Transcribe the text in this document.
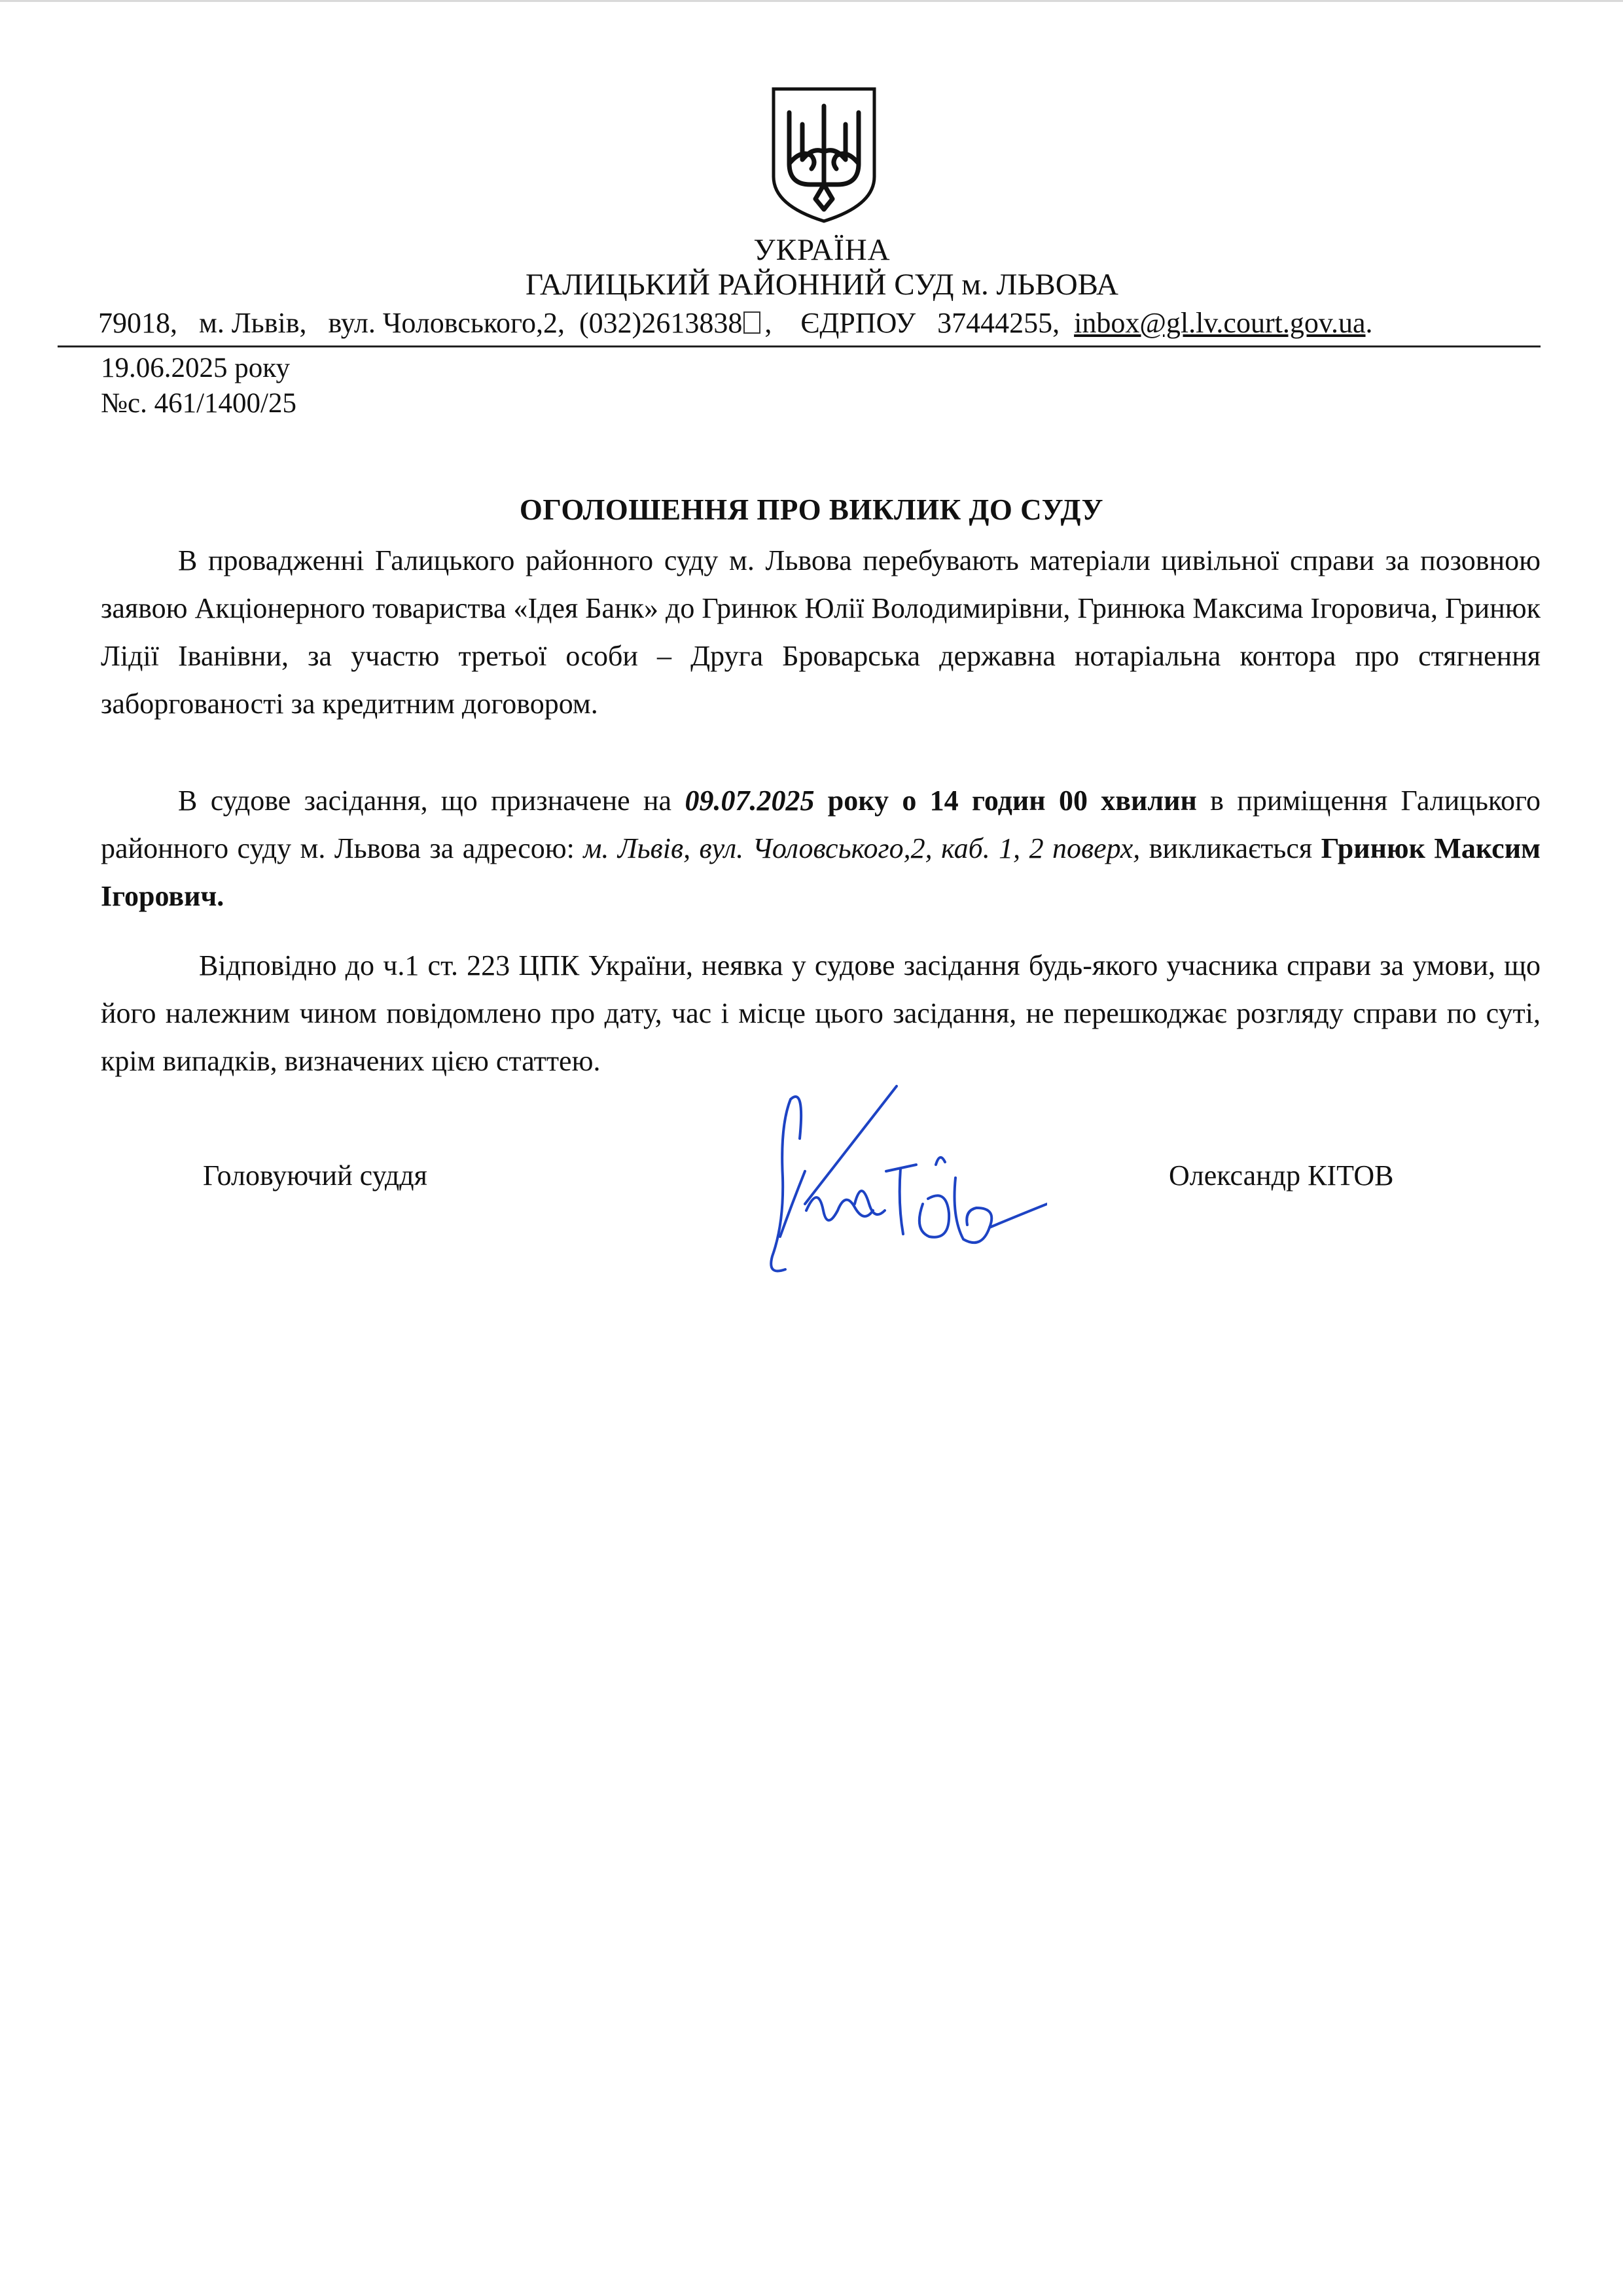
УКРАЇНА
ГАЛИЦЬКИЙ РАЙОННИЙ СУД м. ЛЬВОВА
79018, м. Львів, вул. Чоловського,2, (032)2613838 , ЄДРПОУ 37444255, inbox@gl.lv.court.gov.ua.
19.06.2025 року
№с. 461/1400/25
ОГОЛОШЕННЯ ПРО ВИКЛИК ДО СУДУ

В провадженні Галицького районного суду м. Львова перебувають матеріали цивільної справи за позовною заявою Акціонерного товариства «Ідея Банк» до Гринюк Юлії Володимирівни, Гринюка Максима Ігоровича, Гринюк Лідії Іванівни, за участю третьої особи – Друга Броварська державна нотаріальна контора про стягнення заборгованості за кредитним договором.

В судове засідання, що призначене на 09.07.2025 року о 14 годин 00 хвилин в приміщення Галицького районного суду м. Львова за адресою: м. Львів, вул. Чоловського,2, каб. 1, 2 поверх, викликається Гринюк Максим Ігорович.

Відповідно до ч.1 ст. 223 ЦПК України, неявка у судове засідання будь-якого учасника справи за умови, що його належним чином повідомлено про дату, час і місце цього засідання, не перешкоджає розгляду справи по суті, крім випадків, визначених цією статтею.

Головуючий суддя	Олександр КІТОВ
